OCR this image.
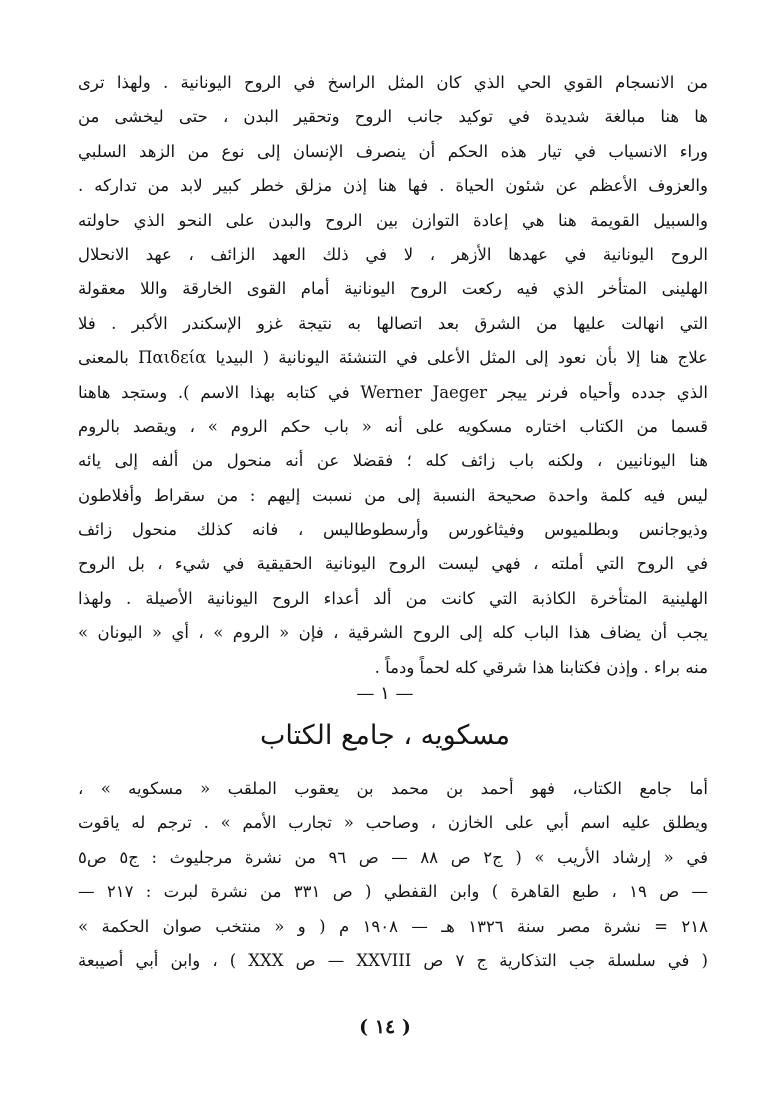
من الانسجام القوي الحي الذي كان المثل الراسخ في الروح اليونانية . ولهذا ترى
ها هنا مبالغة شديدة في توكيد جانب الروح وتحقير البدن ، حتى ليخشى من
وراء الانسياب في تيار هذه الحكم أن ينصرف الإنسان إلى نوع من الزهد السلبي
والعزوف الأعظم عن شئون الحياة . فها هنا إذن مزلق خطر كبير لابد من تداركه .
والسبيل القويمة هنا هي إعادة التوازن بين الروح والبدن على النحو الذي حاولته
الروح اليونانية في عهدها الأزهر ، لا في ذلك العهد الزائف ، عهد الانحلال
الهلينى المتأخر الذي فيه ركعت الروح اليونانية أمام القوى الخارقة واللا معقولة
التي انهالت عليها من الشرق بعد اتصالها به نتيجة غزو الإسكندر الأكبر . فلا
علاج هنا إلا بأن نعود إلى المثل الأعلى في التنشئة اليونانية ( البيديا Παιδεία بالمعنى
الذي جدده وأحياه فرنر ييجر Werner Jaeger في كتابه بهذا الاسم ). وستجد هاهنا
قسما من الكتاب اختاره مسكويه على أنه « باب حكم الروم » ، ويقصد بالروم
هنا اليونانيين ، ولكنه باب زائف كله ؛ فقضلا عن أنه منحول من ألفه إلى يائه
ليس فيه كلمة واحدة صحيحة النسبة إلى من نسبت إليهم : من سقراط وأفلاطون
وذيوجانس وبطلميوس وفيثاغورس وأرسطوطاليس ، فانه كذلك منحول زائف
في الروح التي أملته ، فهي ليست الروح اليونانية الحقيقية في شيء ، بل الروح
الهلينية المتأخرة الكاذبة التي كانت من ألد أعداء الروح اليونانية الأصيلة . ولهذا
يجب أن يضاف هذا الباب كله إلى الروح الشرقية ، فإن « الروم » ، أي « اليونان »
منه براء . وإذن فكتابنا هذا شرقي كله لحماً ودماً .
— ١ —
مسكويه ، جامع الكتاب
أما جامع الكتاب، فهو أحمد بن محمد بن يعقوب الملقب « مسكويه » ،
ويطلق عليه اسم أبي على الخازن ، وصاحب « تجارب الأمم » . ترجم له ياقوت
في « إرشاد الأريب » ( ج٢ ص ٨٨ — ص ٩٦ من نشرة مرجليوث : ج٥ ص٥
— ص ١٩ ، طبع القاهرة ) وابن القفطي ( ص ٣٣١ من نشرة لبرت : ٢١٧ —
٢١٨ = نشرة مصر سنة ١٣٢٦ هـ — ١٩٠٨ م ( و « منتخب صوان الحكمة »
( في سلسلة جب التذكارية ج ٧ ص XXVIII — ص XXX ) ، وابن أبي أصيبعة
( ١٤ )
